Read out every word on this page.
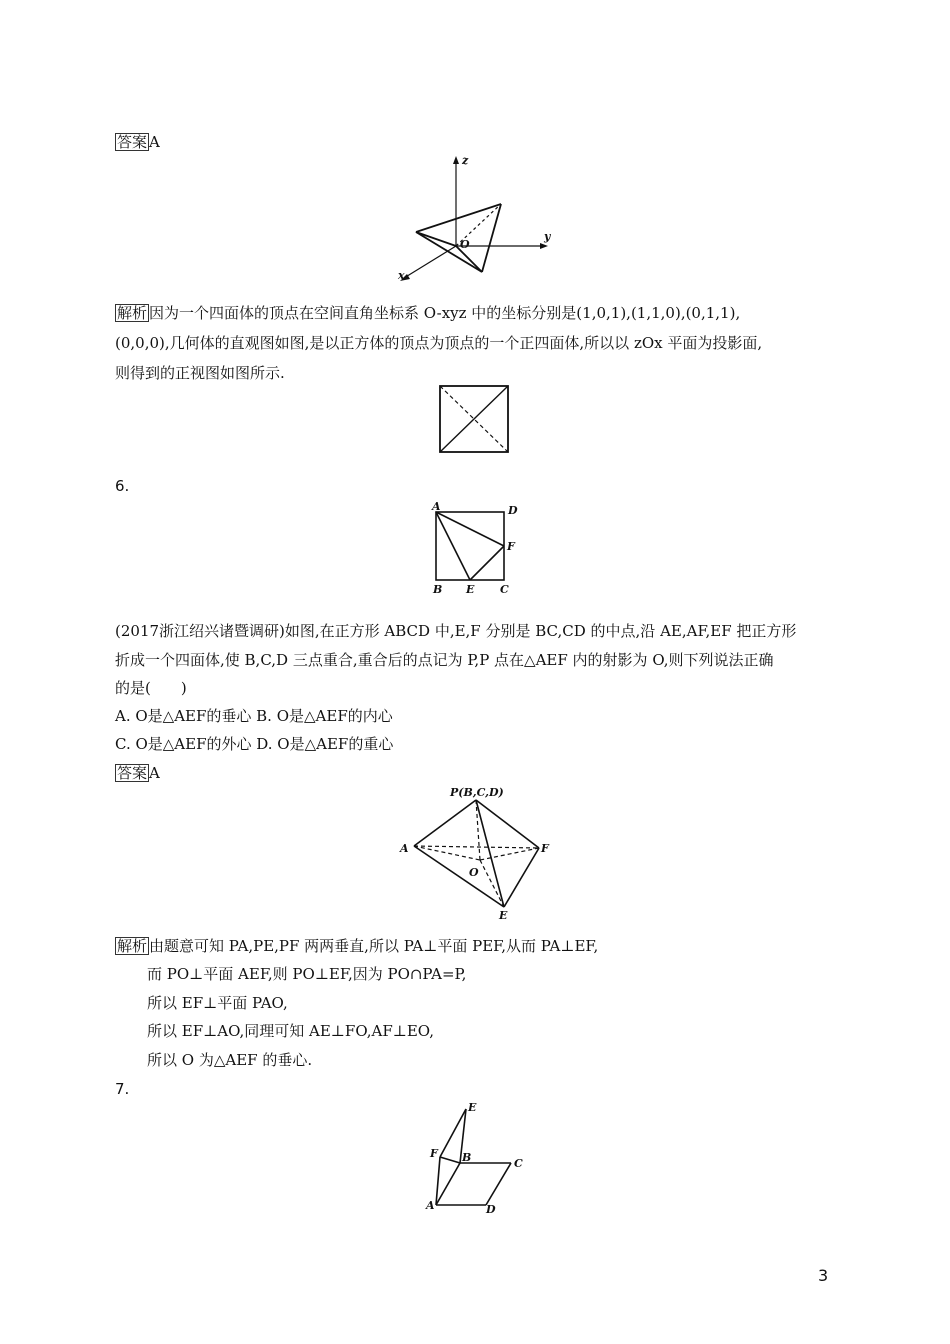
答案 A
z
y
x
O
解析 因为一个四面体的顶点在空间直角坐标系 O-xyz 中的坐标分别是(1,0,1),(1,1,0),(0,1,1),
(0,0,0),几何体的直观图如图,是以正方体的顶点为顶点的一个正四面体,所以以 zOx 平面为投影面,
则得到的正视图如图所示.
6.
A	D
F
B E C
(2017浙江绍兴诸暨调研)如图,在正方形 ABCD 中,E,F 分别是 BC,CD 的中点,沿 AE,AF,EF 把正方形
折成一个四面体,使 B,C,D 三点重合,重合后的点记为 P,P 点在△AEF 内的射影为 O,则下列说法正确
的是(　　)
A. O是△AEF的垂心 B. O是△AEF的内心
C. O是△AEF的外心 D. O是△AEF的重心
答案 A
P(B,C,D)
A	F
O
E
解析 由题意可知 PA,PE,PF 两两垂直,所以 PA⊥平面 PEF,从而 PA⊥EF,
而 PO⊥平面 AEF,则 PO⊥EF,因为 PO∩PA=P,
所以 EF⊥平面 PAO,
所以 EF⊥AO,同理可知 AE⊥FO,AF⊥EO,
所以 O 为△AEF 的垂心.
7.
E
F B	C
A	D
3
